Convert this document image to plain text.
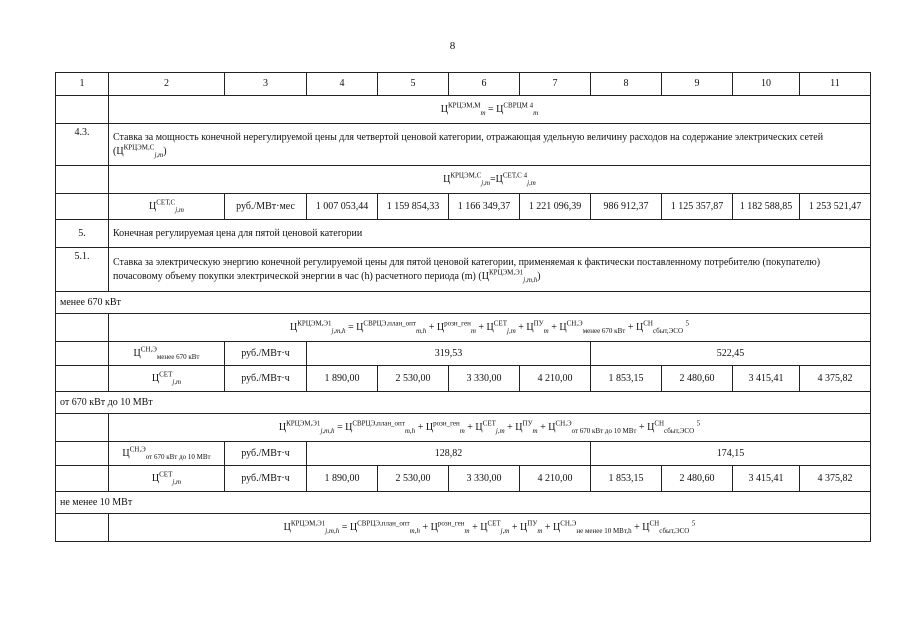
8
1	2	3	4	5	6	7	8	9	10	11
	$Ц^{КРЦЭМ,М}_m = Ц^{СВРЦМ 4}_m$
4.3.	Ставка за мощность конечной нерегулируемой цены для четвертой ценовой категории, отражающая удельную величину расходов на содержание электрических сетей $(Ц^{КРЦЭМ,С}_{j,m})$									
	$Ц^{КРЦЭМ,С}_{j,m}=Ц^{СЕТ,С 4}_{j,m}$
	$Ц^{СЕТ,С}_{j,m}$	руб./МВт·мес	1 007 053,44	1 159 854,33	1 166 349,37	1 221 096,39	986 912,37	1 125 357,87	1 182 588,85	1 253 521,47
5.	Конечная регулируемая цена для пятой ценовой категории									
5.1.	Ставка за электрическую энергию конечной регулируемой цены для пятой ценовой категории, применяемая к фактически поставленному потребителю (покупателю) почасовому объему покупки электрической энергии в час (h) расчетного периода (m) $(Ц^{КРЦЭМ,Э1}_{j,m,h})$									
менее 670 кВт										
	$Ц^{КРЦЭМ,Э1}_{j,m,h} = Ц^{СВРЦЭ,план\_опт}_{m,h} + Ц^{розн\_ген}_m + Ц^{СЕТ}_{j,m} + Ц^{ПУ}_m + Ц^{СН,Э}_{менее 670 кВт} + Ц^{СН}_{сбыт,ЭСО}$ $^5$
	$Ц^{СН,Э}_{менее 670 кВт}$	руб./МВт·ч	319,53				522,45			
	$Ц^{СЕТ}_{j,m}$	руб./МВт·ч	1 890,00	2 530,00	3 330,00	4 210,00	1 853,15	2 480,60	3 415,41	4 375,82
от 670 кВт до 10 МВт										
	$Ц^{КРЦЭМ,Э1}_{j,m,h} = Ц^{СВРЦЭ,план\_опт}_{m,h} + Ц^{розн\_ген}_m + Ц^{СЕТ}_{j,m} + Ц^{ПУ}_m + Ц^{СН,Э}_{от 670 кВт до 10 МВт} + Ц^{СН}_{сбыт,ЭСО}$ $^5$
	$Ц^{СН,Э}_{от 670 кВт до 10 МВт}$	руб./МВт·ч	128,82				174,15			
	$Ц^{СЕТ}_{j,m}$	руб./МВт·ч	1 890,00	2 530,00	3 330,00	4 210,00	1 853,15	2 480,60	3 415,41	4 375,82
не менее 10 МВт										
	$Ц^{КРЦЭМ,Э1}_{j,m,h} = Ц^{СВРЦЭ,план\_опт}_{m,h} + Ц^{розн\_ген}_m + Ц^{СЕТ}_{j,m} + Ц^{ПУ}_m + Ц^{СН,Э}_{не менее 10 МВт,h} + Ц^{СН}_{сбыт,ЭСО}$ $^5$
